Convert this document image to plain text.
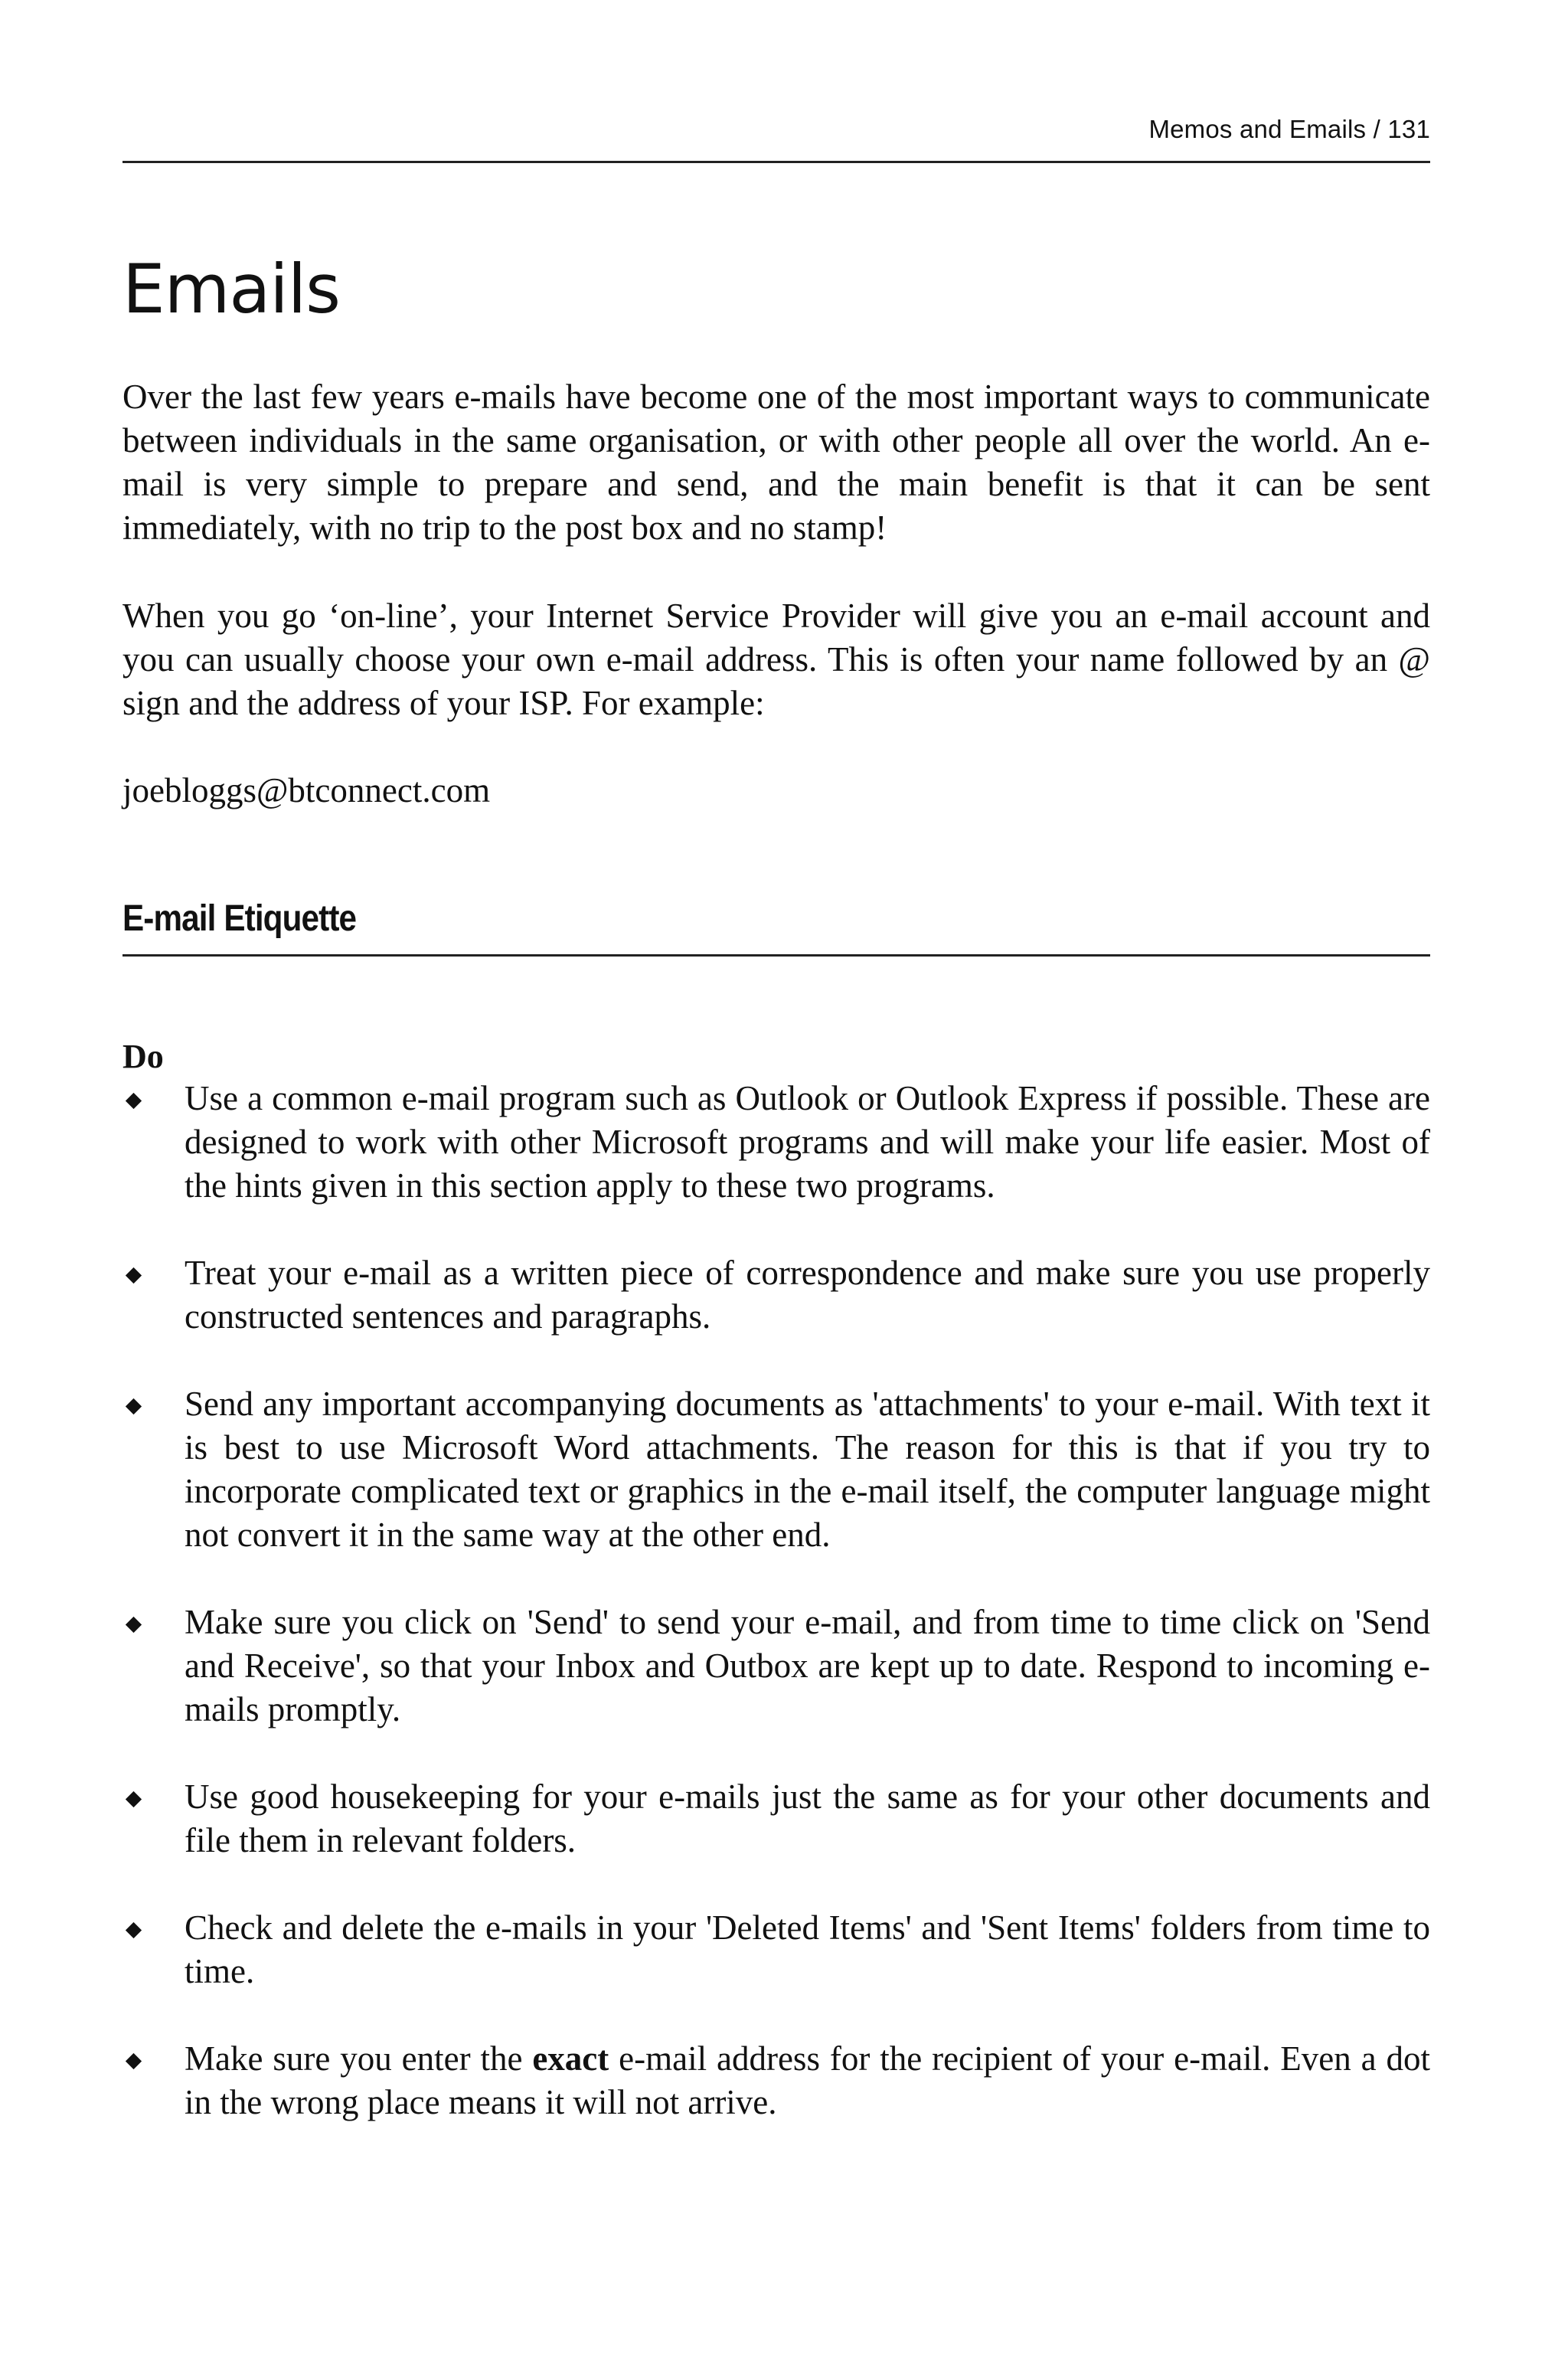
Memos and Emails / 131
Emails

Over the last few years e-mails have become one of the most important ways to communicate between individuals in the same organisation, or with other people all over the world. An e-mail is very simple to prepare and send, and the main benefit is that it can be sent immediately, with no trip to the post box and no stamp!

When you go ‘on-line’, your Internet Service Provider will give you an e-mail account and you can usually choose your own e-mail address. This is often your name followed by an @ sign and the address of your ISP. For example:

joebloggs@btconnect.com

E-mail Etiquette
Do

Use a common e-mail program such as Outlook or Outlook Express if possible. These are designed to work with other Microsoft programs and will make your life easier. Most of the hints given in this section apply to these two programs.

Treat your e-mail as a written piece of correspondence and make sure you use properly constructed sentences and paragraphs.

Send any important accompanying documents as 'attachments' to your e-mail. With text it is best to use Microsoft Word attachments. The reason for this is that if you try to incorporate complicated text or graphics in the e-mail itself, the computer language might not convert it in the same way at the other end.

Make sure you click on 'Send' to send your e-mail, and from time to time click on 'Send and Receive', so that your Inbox and Outbox are kept up to date. Respond to incoming e-mails promptly.

Use good housekeeping for your e-mails just the same as for your other documents and file them in relevant folders.

Check and delete the e-mails in your 'Deleted Items' and 'Sent Items' folders from time to time.

Make sure you enter the exact e-mail address for the recipient of your e-mail. Even a dot in the wrong place means it will not arrive.
